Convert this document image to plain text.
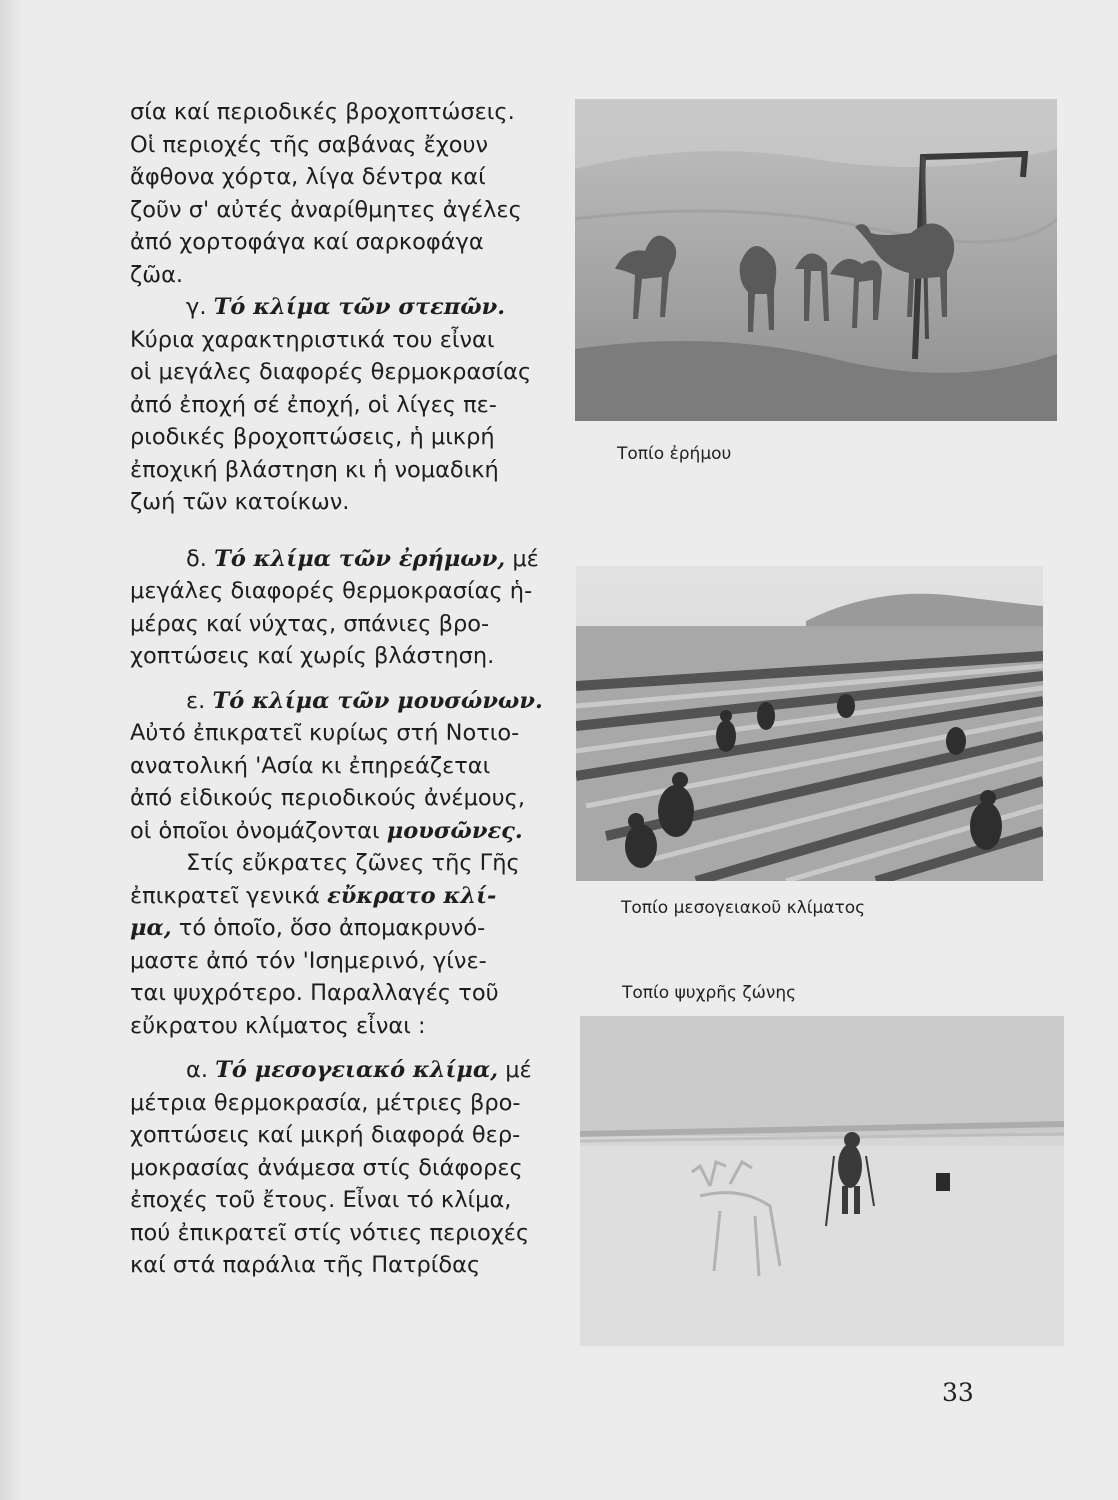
σία καί περιοδικές βροχοπτώσεις.

Οἱ περιοχές τῆς σαβάνας ἔχουν

ἄφθονα χόρτα, λίγα δέντρα καί

ζοῦν σ' αὐτές ἀναρίθμητες ἀγέλες

ἀπό χορτοφάγα καί σαρκοφάγα

ζῶα.

γ. Τό κλίμα τῶν στεπῶν.

Κύρια χαρακτηριστικά του εἶναι

οἱ μεγάλες διαφορές θερμοκρασίας

ἀπό ἐποχή σέ ἐποχή, οἱ λίγες πε-

ριοδικές βροχοπτώσεις, ἡ μικρή

ἐποχική βλάστηση κι ἡ νομαδική

ζωή τῶν κατοίκων.

δ. Τό κλίμα τῶν ἐρήμων, μέ

μεγάλες διαφορές θερμοκρασίας ἡ-

μέρας καί νύχτας, σπάνιες βρο-

χοπτώσεις καί χωρίς βλάστηση.

ε. Τό κλίμα τῶν μουσώνων.

Αὐτό ἐπικρατεῖ κυρίως στή Νοτιο-

ανατολική 'Ασία κι ἐπηρεάζεται

ἀπό εἰδικούς περιοδικούς ἀνέμους,

οἱ ὁποῖοι ὀνομάζονται μουσῶνες.

Στίς εὔκρατες ζῶνες τῆς Γῆς

ἐπικρατεῖ γενικά εὔκρατο κλί-

μα, τό ὁποῖο, ὅσο ἀπομακρυνό-

μαστε ἀπό τόν 'Ισημερινό, γίνε-

ται ψυχρότερο. Παραλλαγές τοῦ

εὔκρατου κλίματος εἶναι :

α. Τό μεσογειακό κλίμα, μέ

μέτρια θερμοκρασία, μέτριες βρο-

χοπτώσεις καί μικρή διαφορά θερ-

μοκρασίας ἀνάμεσα στίς διάφορες

ἐποχές τοῦ ἔτους. Εἶναι τό κλίμα,

πού ἐπικρατεῖ στίς νότιες περιοχές

καί στά παράλια τῆς Πατρίδας

Τοπίο ἐρήμου
Τοπίο μεσογειακοῦ κλίματος
Τοπίο ψυχρῆς ζώνης
33
